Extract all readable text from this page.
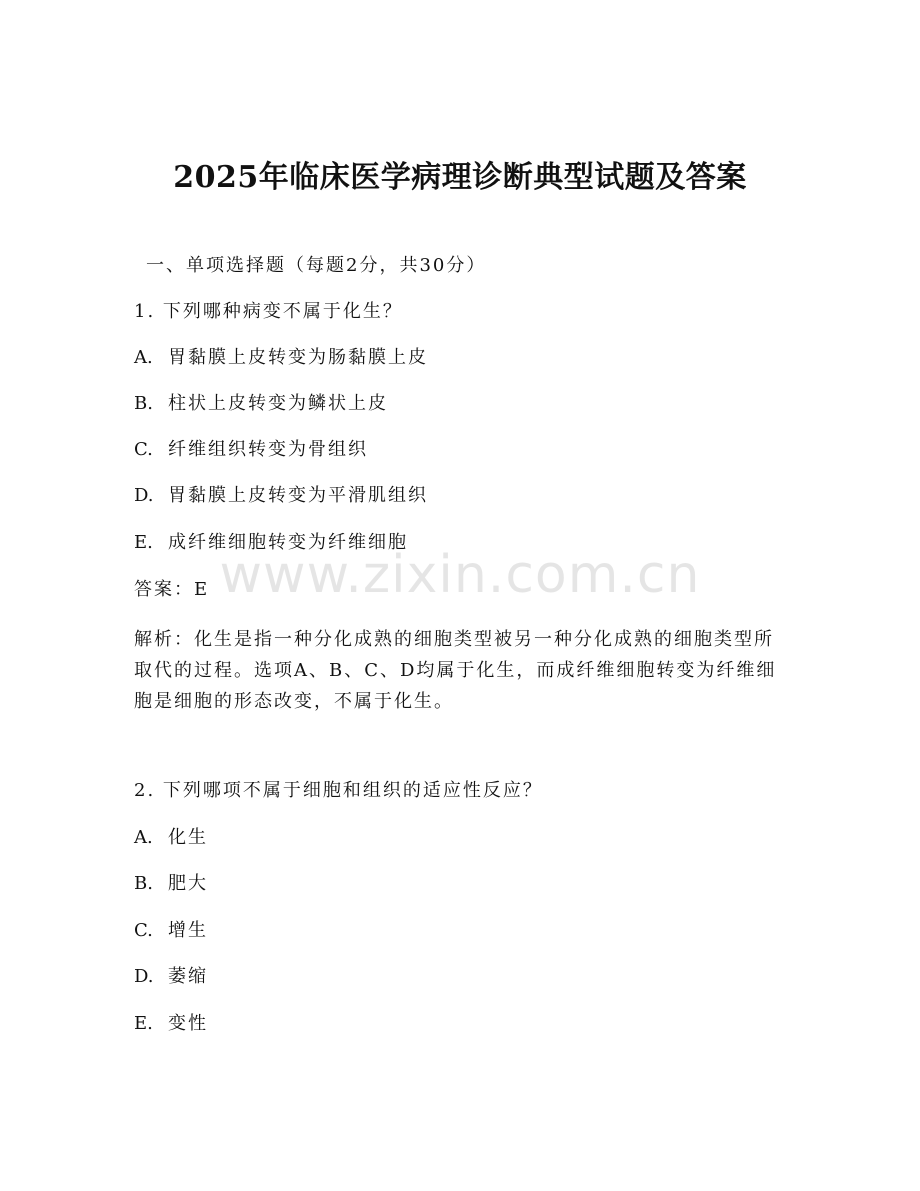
2025年临床医学病理诊断典型试题及答案
一、单项选择题（每题2分，共30分）
1. 下列哪种病变不属于化生？
A. 胃黏膜上皮转变为肠黏膜上皮
B. 柱状上皮转变为鳞状上皮
C. 纤维组织转变为骨组织
D. 胃黏膜上皮转变为平滑肌组织
E. 成纤维细胞转变为纤维细胞
答案：E
解析：化生是指一种分化成熟的细胞类型被另一种分化成熟的细胞类型所取代的过程。选项A、B、C、D均属于化生，而成纤维细胞转变为纤维细胞是细胞的形态改变，不属于化生。
2. 下列哪项不属于细胞和组织的适应性反应？
A. 化生
B. 肥大
C. 增生
D. 萎缩
E. 变性
www.zixin.com.cn
